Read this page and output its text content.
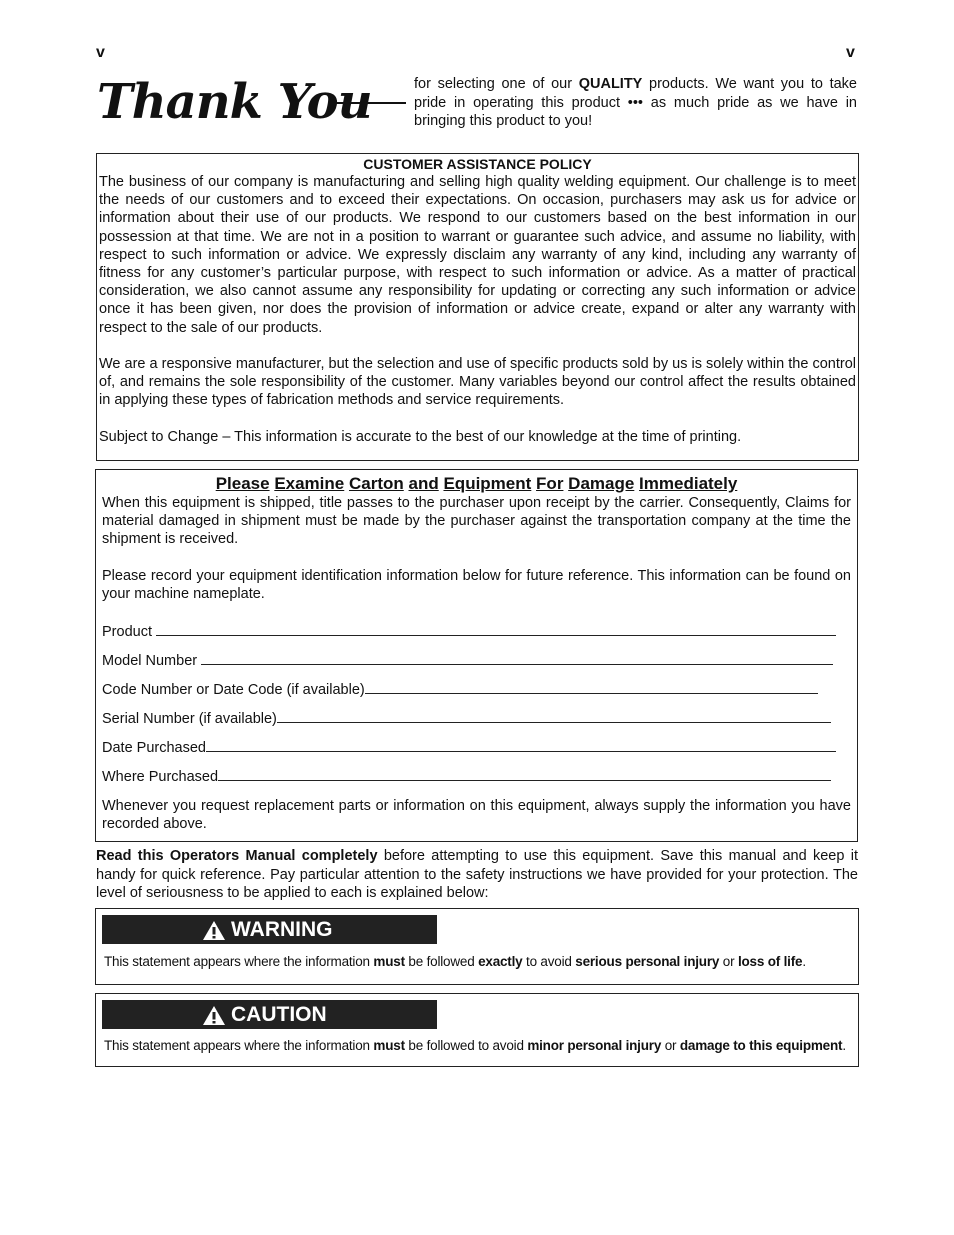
v	v
Thank You	for selecting one of our QUALITY products. We want you to take pride in operating this product ••• as much pride as we have in bringing this product to you!
CUSTOMER ASSISTANCE POLICY

The business of our company is manufacturing and selling high quality welding equipment. Our challenge is to meet the needs of our customers and to exceed their expectations. On occasion, purchasers may ask us for advice or information about their use of our products. We respond to our customers based on the best information in our possession at that time. We are not in a position to warrant or guarantee such advice, and assume no liability, with respect to such information or advice. We expressly disclaim any warranty of any kind, including any warranty of fitness for any customer’s particular purpose, with respect to such information or advice. As a matter of practical consideration, we also cannot assume any responsibility for updating or correcting any such information or advice once it has been given, nor does the provision of information or advice create, expand or alter any warranty with respect to the sale of our products.

We are a responsive manufacturer, but the selection and use of specific products sold by us is solely within the control of, and remains the sole responsibility of the customer. Many variables beyond our control affect the results obtained in applying these types of fabrication methods and service requirements.

Subject to Change – This information is accurate to the best of our knowledge at the time of printing.

Please Examine Carton and Equipment For Damage Immediately

When this equipment is shipped, title passes to the purchaser upon receipt by the carrier. Consequently, Claims for material damaged in shipment must be made by the purchaser against the transportation company at the time the shipment is received.

Please record your equipment identification information below for future reference. This information can be found on your machine nameplate.

Product
Model Number
Code Number or Date Code (if available)
Serial Number (if available)
Date Purchased
Where Purchased

Whenever you request replacement parts or information on this equipment, always supply the information you have recorded above.

Read this Operators Manual completely before attempting to use this equipment. Save this manual and keep it handy for quick reference. Pay particular attention to the safety instructions we have provided for your protection. The level of seriousness to be applied to each is explained below:
WARNING
This statement appears where the information must be followed exactly to avoid serious personal injury or loss of life.
CAUTION
This statement appears where the information must be followed to avoid minor personal injury or damage to this equipment.
